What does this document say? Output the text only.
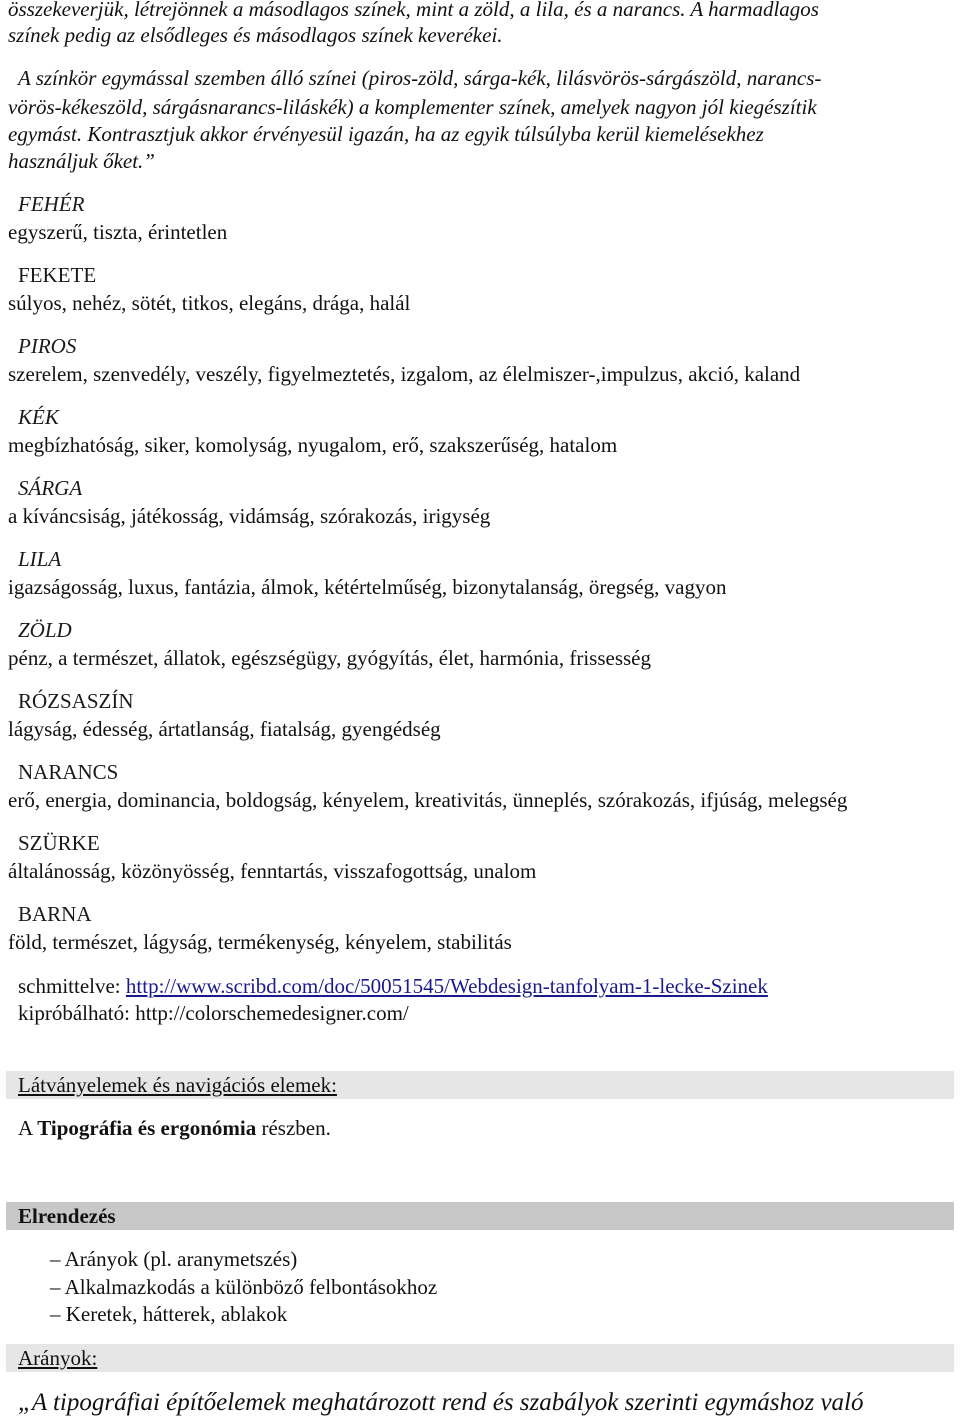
összekeverjük, létrejönnek a másodlagos színek, mint a zöld, a lila, és a narancs. A harmadlagos
színek pedig az elsődleges és másodlagos színek keverékei.
A színkör egymással szemben álló színei (piros-zöld, sárga-kék, lilásvörös-sárgászöld, narancs-
vörös-kékeszöld, sárgásnarancs-liláskék) a komplementer színek, amelyek nagyon jól kiegészítik
egymást. Kontrasztjuk akkor érvényesül igazán, ha az egyik túlsúlyba kerül kiemelésekhez
használjuk őket.”
FEHÉR
egyszerű, tiszta, érintetlen
FEKETE
súlyos, nehéz, sötét, titkos, elegáns, drága, halál
PIROS
szerelem, szenvedély, veszély, figyelmeztetés, izgalom, az élelmiszer-,impulzus, akció, kaland
KÉK
megbízhatóság, siker, komolyság, nyugalom, erő, szakszerűség, hatalom
SÁRGA
a kíváncsiság, játékosság, vidámság, szórakozás, irigység
LILA
igazságosság, luxus, fantázia, álmok, kétértelműség, bizonytalanság, öregség, vagyon
ZÖLD
pénz, a természet, állatok, egészségügy, gyógyítás, élet, harmónia, frissesség
RÓZSASZÍN
lágyság, édesség, ártatlanság, fiatalság, gyengédség
NARANCS
erő, energia, dominancia, boldogság, kényelem, kreativitás, ünneplés, szórakozás, ifjúság, melegség
SZÜRKE
általánosság, közönyösség, fenntartás, visszafogottság, unalom
BARNA
föld, természet, lágyság, termékenység, kényelem, stabilitás
schmittelve: http://www.scribd.com/doc/50051545/Webdesign-tanfolyam-1-lecke-Szinek
kipróbálható: http://colorschemedesigner.com/
Látványelemek és navigációs elemek:
A Tipográfia és ergonómia részben.
Elrendezés
– Arányok (pl. aranymetszés)
– Alkalmazkodás a különböző felbontásokhoz
– Keretek, hátterek, ablakok
Arányok:
„A tipográfiai építőelemek meghatározott rend és szabályok szerinti egymáshoz való
